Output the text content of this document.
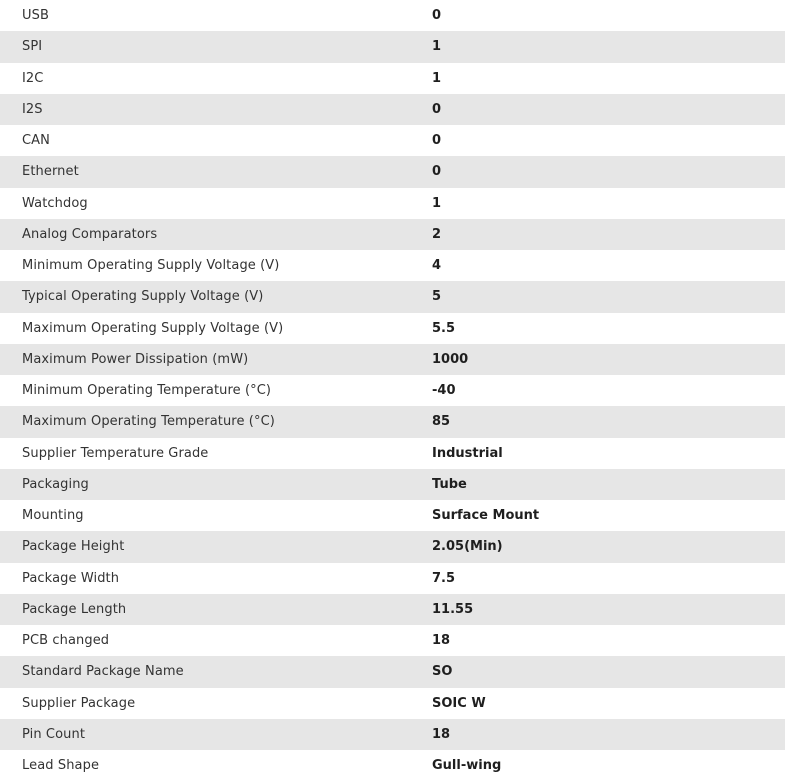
USB	0
SPI	1
I2C	1
I2S	0
CAN	0
Ethernet	0
Watchdog	1
Analog Comparators	2
Minimum Operating Supply Voltage (V)	4
Typical Operating Supply Voltage (V)	5
Maximum Operating Supply Voltage (V)	5.5
Maximum Power Dissipation (mW)	1000
Minimum Operating Temperature (°C)	-40
Maximum Operating Temperature (°C)	85
Supplier Temperature Grade	Industrial
Packaging	Tube
Mounting	Surface Mount
Package Height	2.05(Min)
Package Width	7.5
Package Length	11.55
PCB changed	18
Standard Package Name	SO
Supplier Package	SOIC W
Pin Count	18
Lead Shape	Gull-wing
